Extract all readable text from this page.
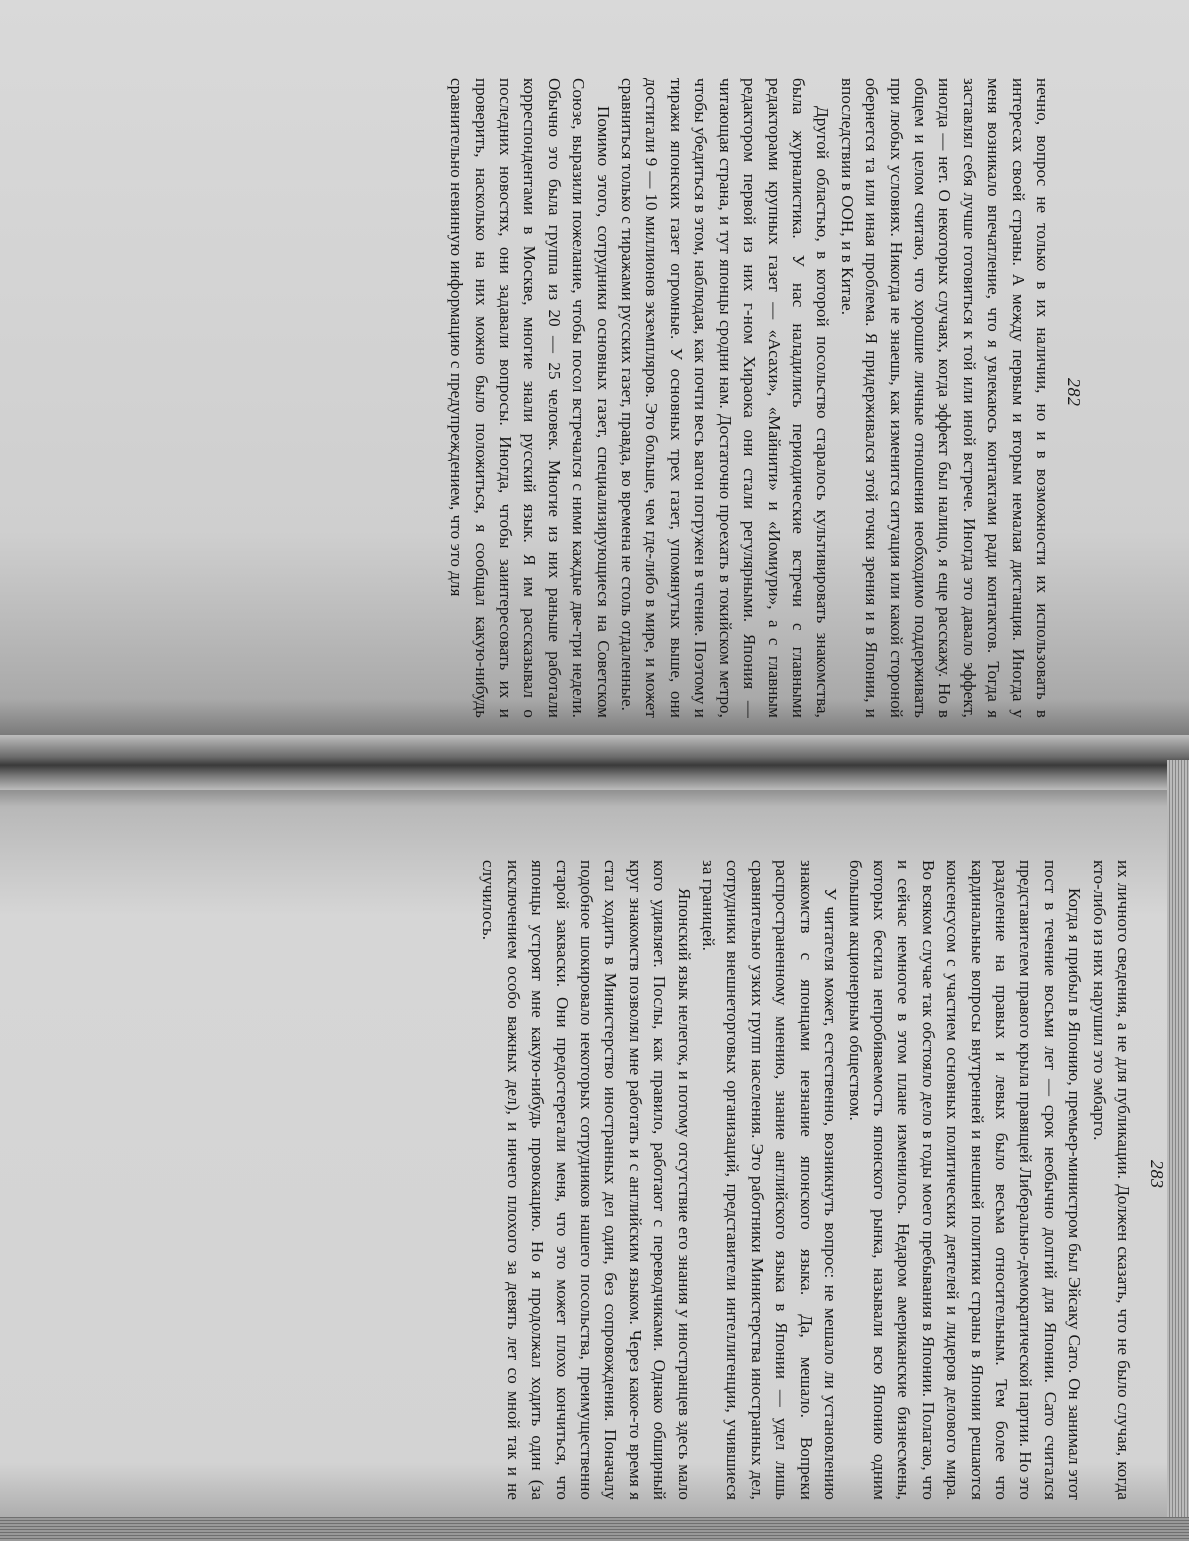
282

нечно, вопрос не только в их наличии, но и в возможности их использовать в интересах своей страны. А между первым и вторым немалая дистанция. Иногда у меня возникало впечатление, что я увлекаюсь контактами ради контактов. Тогда я заставлял себя лучше готовиться к той или иной встрече. Иногда это давало эффект, иногда — нет. О некоторых случаях, когда эффект был налицо, я еще расскажу. Но в общем и целом считаю, что хорошие личные отношения необходимо поддерживать при любых условиях. Никогда не знаешь, как изменится ситуация или какой стороной обернется та или иная проблема. Я придерживался этой точки зрения и в Японии, и впоследствии в ООН, и в Китае.

Другой областью, в которой посольство старалось культивировать знакомства, была журналистика. У нас наладились периодические встречи с главными редакторами крупных газет — «Асахи», «Майнити» и «Иомиури», а с главным редактором первой из них г-ном Хираока они стали регулярными. Япония — читающая страна, и тут японцы сродни нам. Достаточно проехать в токийском метро, чтобы убедиться в этом, наблюдая, как почти весь вагон погружен в чтение. Поэтому и тиражи японских газет огромные. У основных трех газет, упомянутых выше, они достигали 9 — 10 миллионов экземпляров. Это больше, чем где-либо в мире, и может сравниться только с тиражами русских газет, правда, во времена не столь отдаленные.

Помимо этого, сотрудники основных газет, специализирующиеся на Советском Союзе, выразили пожелание, чтобы посол встречался с ними каждые две-три недели. Обычно это была группа из 20 — 25 человек. Многие из них раньше работали корреспондентами в Москве, многие знали русский язык. Я им рассказывал о последних новостях, они задавали вопросы. Иногда, чтобы заинтересовать их и проверить, насколько на них можно было положиться, я сообщал какую-нибудь сравнительно невинную информацию с предупреждением, что это для

283

их личного сведения, а не для публикации. Должен сказать, что не было случая, когда кто-либо из них нарушил это эмбарго.

Когда я прибыл в Японию, премьер-министром был Эйсаку Сато. Он занимал этот пост в течение восьми лет — срок необычно долгий для Японии. Сато считался представителем правого крыла правящей Либерально-демократической партии. Но это разделение на правых и левых было весьма относительным. Тем более что кардинальные вопросы внутренней и внешней политики страны в Японии решаются консенсусом с участием основных политических деятелей и лидеров делового мира. Во всяком случае так обстояло дело в годы моего пребывания в Японии. Полагаю, что и сейчас немногое в этом плане изменилось. Недаром американские бизнесмены, которых бесила непробиваемость японского рынка, называли всю Японию одним большим акционерным обществом.

У читателя может, естественно, возникнуть вопрос: не мешало ли установлению знакомств с японцами незнание японского языка. Да, мешало. Вопреки распространенному мнению, знание английского языка в Японии — удел лишь сравнительно узких групп населения. Это работники Министерства иностранных дел, сотрудники внешнеторговых организаций, представители интеллигенции, учившиеся за границей.

Японский язык нелегок, и потому отсутствие его знания у иностранцев здесь мало кого удивляет. Послы, как правило, работают с переводчиками. Однако обширный круг знакомств позволял мне работать и с английским языком. Через какое-то время я стал ходить в Министерство иностранных дел один, без сопровождения. Поначалу подобное шокировало некоторых сотрудников нашего посольства, преимущественно старой закваски. Они предостерегали меня, что это может плохо кончиться, что японцы устроят мне какую-нибудь провокацию. Но я продолжал ходить один (за исключением особо важных дел), и ничего плохого за девять лет со мной так и не случилось.
